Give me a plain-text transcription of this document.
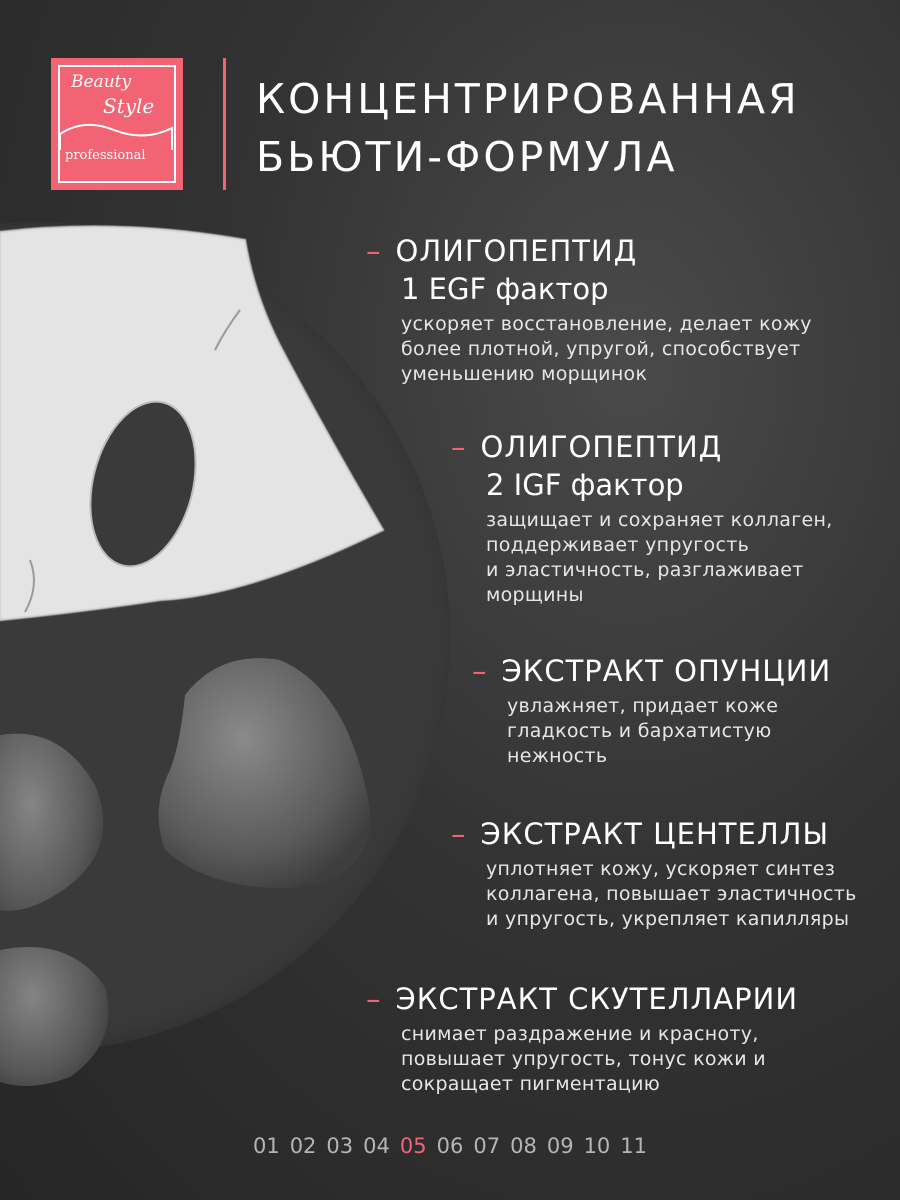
Beauty
Style
professional
КОНЦЕНТРИРОВАННАЯ
БЬЮТИ-ФОРМУЛА
– ОЛИГОПЕПТИД
1 EGF фактор
ускоряет восстановление, делает кожу
более плотной, упругой, способствует
уменьшению морщинок
– ОЛИГОПЕПТИД
2 IGF фактор
защищает и сохраняет коллаген,
поддерживает упругость
и эластичность, разглаживает
морщины
– ЭКСТРАКТ ОПУНЦИИ
увлажняет, придает коже
гладкость и бархатистую
нежность
– ЭКСТРАКТ ЦЕНТЕЛЛЫ
уплотняет кожу, ускоряет синтез
коллагена, повышает эластичность
и упругость, укрепляет капилляры
– ЭКСТРАКТ СКУТЕЛЛАРИИ
снимает раздражение и красноту,
повышает упругость, тонус кожи и
сокращает пигментацию
01 02 03 04 05 06 07 08 09 10 11
